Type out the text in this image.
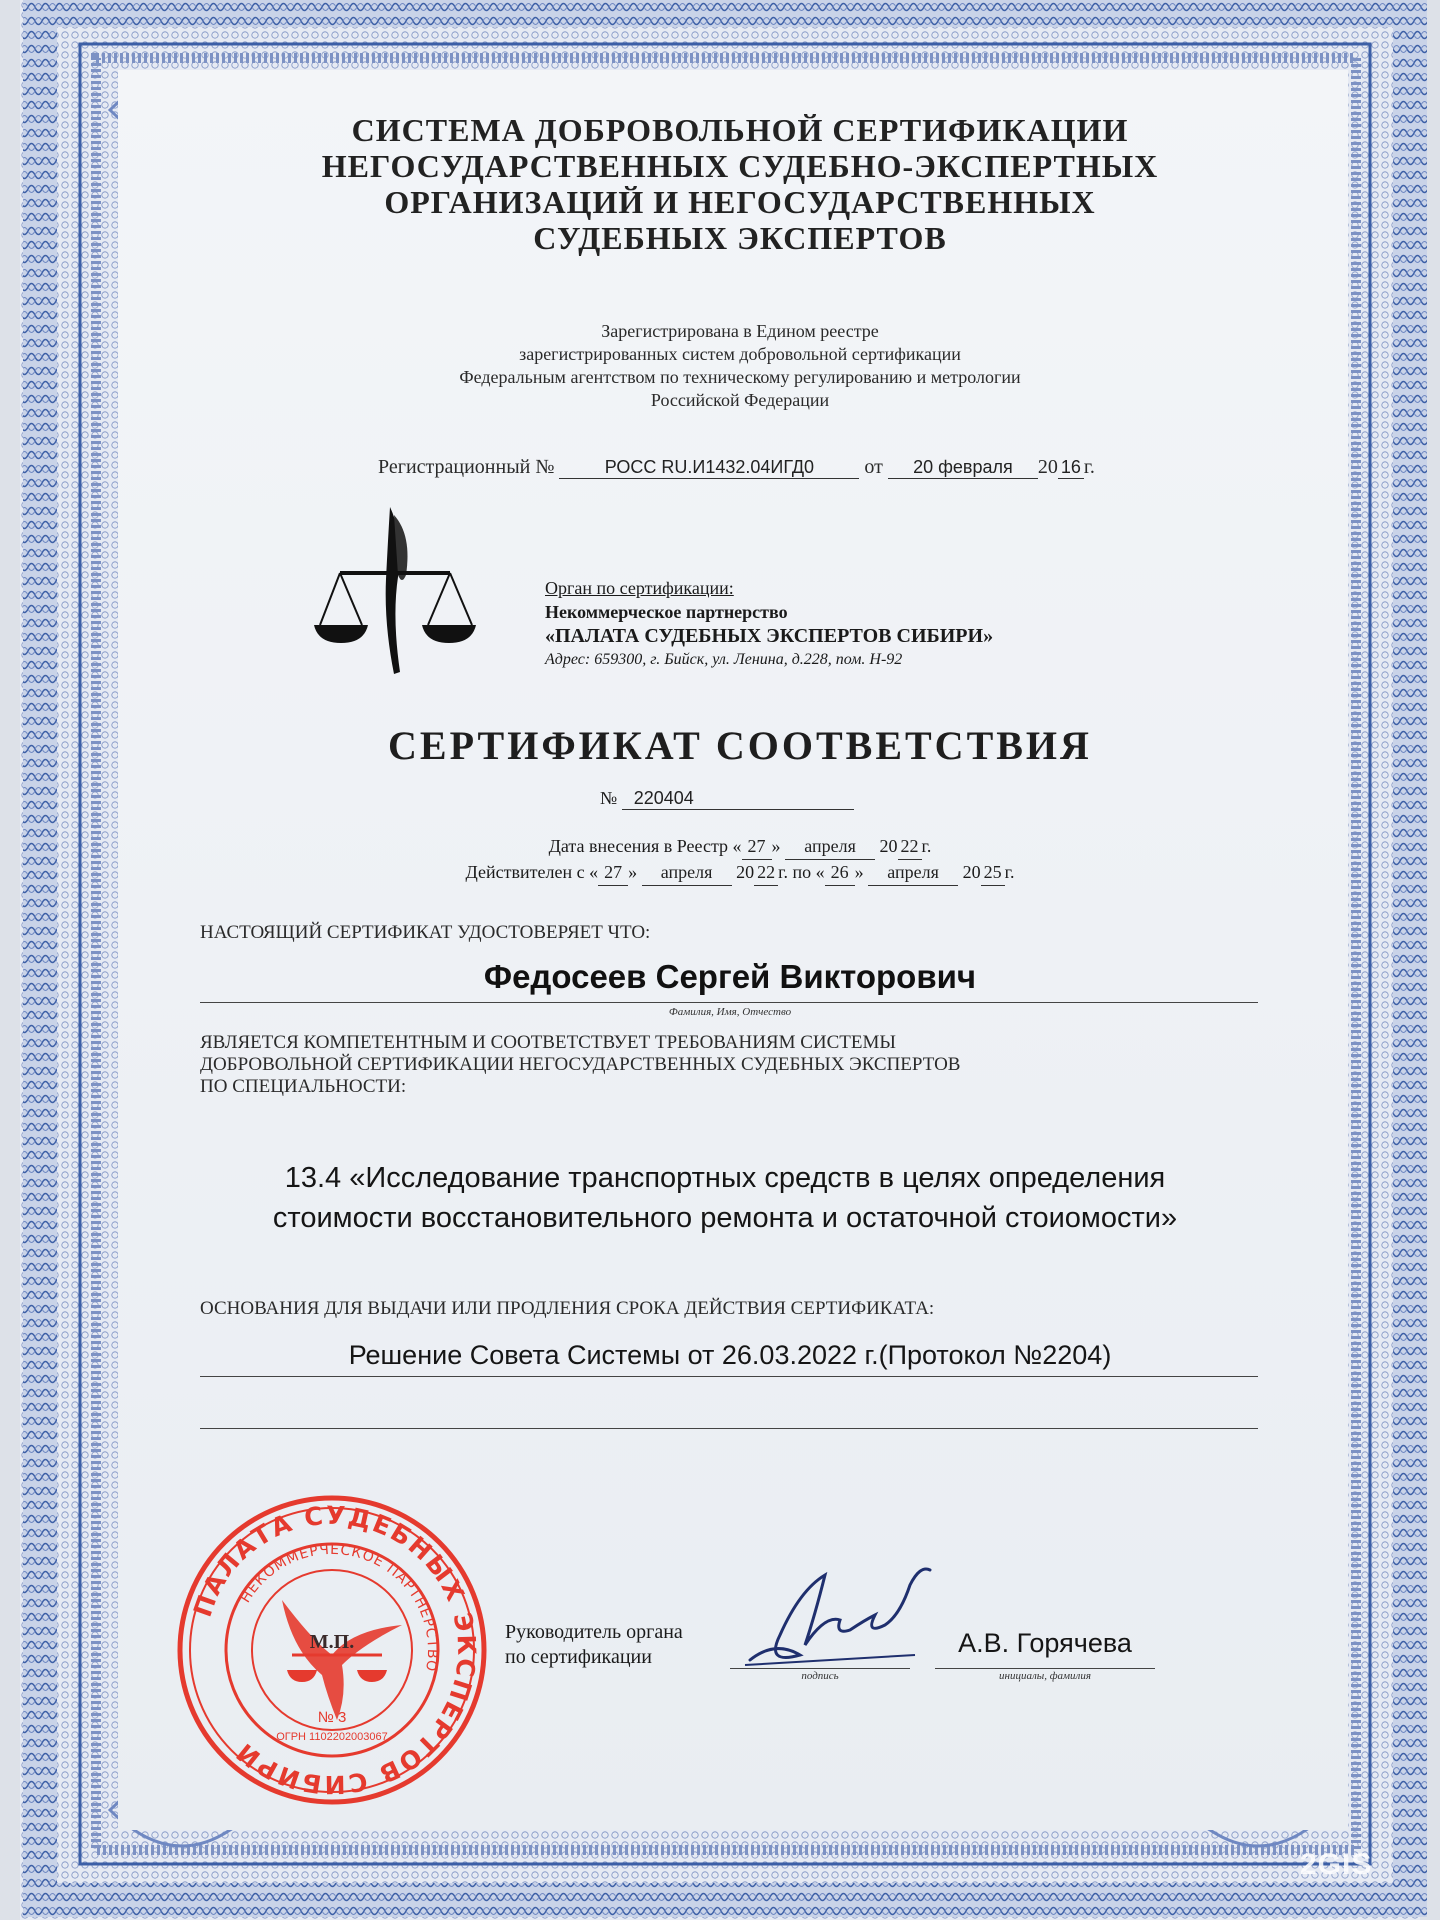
СИСТЕМА ДОБРОВОЛЬНОЙ СЕРТИФИКАЦИИ
НЕГОСУДАРСТВЕННЫХ СУДЕБНО-ЭКСПЕРТНЫХ
ОРГАНИЗАЦИЙ И НЕГОСУДАРСТВЕННЫХ
СУДЕБНЫХ ЭКСПЕРТОВ
Зарегистрирована в Едином реестре
зарегистрированных систем добровольной сертификации
Федеральным агентством по техническому регулированию и метрологии
Российской Федерации
Регистрационный №	РОСС RU.И1432.04ИГД0	от 20 февраля 20 16 г.
Орган по сертификации:
Некоммерческое партнерство
«ПАЛАТА СУДЕБНЫХ ЭКСПЕРТОВ СИБИРИ»
Адрес: 659300, г. Бийск, ул. Ленина, д.228, пом. Н-92
СЕРТИФИКАТ СООТВЕТСТВИЯ
№ 220404
Дата внесения в Реестр « 27 » апреля 20 22 г.
Действителен с « 27 » апреля 20 22 г. по « 26 » апреля 20 25 г.
НАСТОЯЩИЙ СЕРТИФИКАТ УДОСТОВЕРЯЕТ ЧТО:
Федосеев Сергей Викторович
Фамилия, Имя, Отчество
ЯВЛЯЕТСЯ КОМПЕТЕНТНЫМ И СООТВЕТСТВУЕТ ТРЕБОВАНИЯМ СИСТЕМЫ
ДОБРОВОЛЬНОЙ СЕРТИФИКАЦИИ НЕГОСУДАРСТВЕННЫХ СУДЕБНЫХ ЭКСПЕРТОВ
ПО СПЕЦИАЛЬНОСТИ:
13.4 «Исследование транспортных средств в целях определения
стоимости восстановительного ремонта и остаточной стоиомости»
ОСНОВАНИЯ ДЛЯ ВЫДАЧИ ИЛИ ПРОДЛЕНИЯ СРОКА ДЕЙСТВИЯ СЕРТИФИКАТА:
Решение Совета Системы от 26.03.2022 г.(Протокол №2204)
ПАЛАТА СУДЕБНЫХ ЭКСПЕРТОВ СИБИРИ
НЕКОММЕРЧЕСКОЕ ПАРТНЕРСТВО
М.П.
№ 3
ОГРН 1102202003067
Руководитель органа
по сертификации
подпись
А.В. Горячева
инициалы, фамилия
2GIS
